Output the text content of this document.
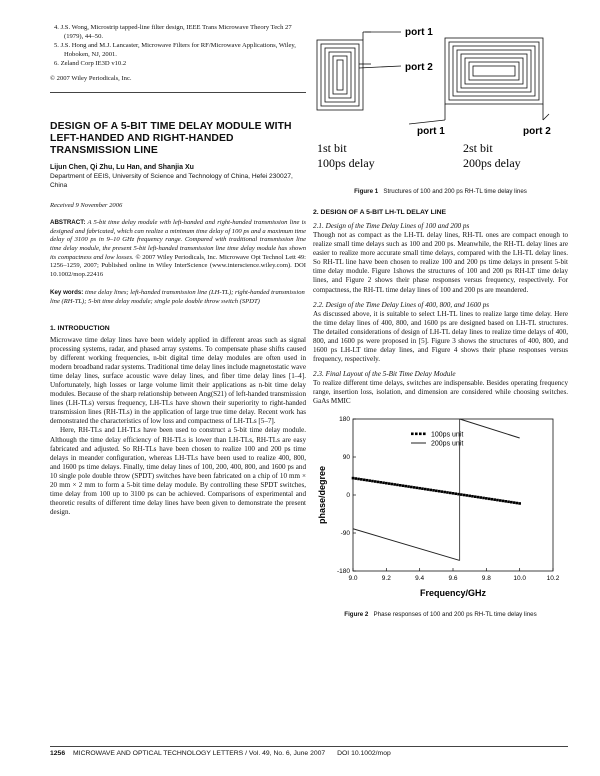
4. J.S. Wong, Microstrip tapped-line filter design, IEEE Trans Microwave Theory Tech 27 (1979), 44–50.
5. J.S. Hong and M.J. Lancaster, Microwave Filters for RF/Microwave Applications, Wiley, Hoboken, NJ, 2001.
6. Zeland Corp IE3D v10.2
© 2007 Wiley Periodicals, Inc.
DESIGN OF A 5-BIT TIME DELAY MODULE WITH LEFT-HANDED AND RIGHT-HANDED TRANSMISSION LINE
Lijun Chen, Qi Zhu, Lu Han, and Shanjia Xu
Department of EEIS, University of Science and Technology of China, Hefei 230027, China
Received 9 November 2006
ABSTRACT: A 5-bit time delay module with left-handed and right-handed transmission line is designed and fabricated, which can realize a minimum time delay of 100 ps and a maximum time delay of 3100 ps in 9–10 GHz frequency range. Compared with traditional transmission line time delay module, the present 5-bit left-handed transmission line time delay module has shown its compactness and low losses. © 2007 Wiley Periodicals, Inc. Microwave Opt Technol Lett 49: 1256–1259, 2007; Published online in Wiley InterScience (www.interscience.wiley.com). DOI 10.1002/mop.22416
Key words: time delay lines; left-handed transmission line (LH-TL); right-handed transmission line (RH-TL); 5-bit time delay module; single pole double throw switch (SPDT)
1. INTRODUCTION

Microwave time delay lines have been widely applied in different areas such as signal processing systems, radar, and phased array systems. To compensate phase shifts caused by different working frequencies, n-bit digital time delay modules are often used in modern broadband radar systems. Traditional time delay lines include magnetostatic wave time delay lines, surface acoustic wave delay lines, and fiber time delay lines [1–4]. Unfortunately, high losses or large volume limit their applications as n-bit time delay modules. Because of the sharp relationship between Ang(S21) of left-handed transmission lines (LH-TLs) versus frequency, LH-TLs have shown their superiority to right-handed transmission lines (RH-TLs) in the application of large true time delay. Recent work has demonstrated the characteristics of low loss and compactness of LH-TLs [5–7].

Here, RH-TLs and LH-TLs have been used to construct a 5-bit time delay module. Although the time delay efficiency of RH-TLs is lower than LH-TLs, RH-TLs are easy fabricated and adjusted. So RH-TLs have been chosen to realize 100 and 200 ps time delays in meander configuration, whereas LH-TLs have been used to realize 400, 800, and 1600 ps time delays. Finally, time delay lines of 100, 200, 400, 800, and 1600 ps and 10 single pole double throw (SPDT) switches have been fabricated on a chip of 10 mm × 20 mm × 2 mm to form a 5-bit time delay module. By controlling these SPDT switches, time delay from 100 up to 3100 ps can be achieved. Comparisons of experimental and theoretic results of different time delay lines have been given to demonstrate the present design.

port 1
port 2
port 1	port 2
1st bit
100ps delay
2st bit
200ps delay
Figure 1 Structures of 100 and 200 ps RH-TL time delay lines
2. DESIGN OF A 5-BIT LH-TL DELAY LINE
2.1. Design of the Time Delay Lines of 100 and 200 ps

Though not as compact as the LH-TL delay lines, RH-TL ones are compact enough to realize small time delays such as 100 and 200 ps. Meanwhile, the RH-TL delay lines are easier to realize more accurate small time delays, compared with the LH-TL delay lines. So RH-TL line have been chosen to realize 100 and 200 ps time delays in present 5-bit time delay module. Figure 1shows the structures of 100 and 200 ps RH-LT time delay lines, and Figure 2 shows their phase responses versus frequency, respectively. For compactness, the RH-TL time delay lines of 100 and 200 ps are meandered.

2.2. Design of the Time Delay Lines of 400, 800, and 1600 ps

As discussed above, it is suitable to select LH-TL lines to realize large time delay. Here the time delay lines of 400, 800, and 1600 ps are designed based on LH-TL structures. The detailed considerations of design of LH-TL delay lines to realize time delays of 400, 800, and 1600 ps were proposed in [5]. Figure 3 shows the structures of 400, 800, and 1600 ps LH-LT time delay lines, and Figure 4 shows their phase responses versus frequency, respectively.

2.3. Final Layout of the 5-Bit Time Delay Module

To realize different time delays, switches are indispensable. Besides operating frequency range, insertion loss, isolation, and dimension are considered while choosing switches. GaAs MMIC

9.0	9.2	9.4	9.6	9.8	10.0	10.2
-180
-90
0
90
180
100ps unit
200ps unit
Frequency/GHz
phase/degree
Figure 2 Phase responses of 100 and 200 ps RH-TL time delay lines
1256 MICROWAVE AND OPTICAL TECHNOLOGY LETTERS / Vol. 49, No. 6, June 2007 DOI 10.1002/mop
